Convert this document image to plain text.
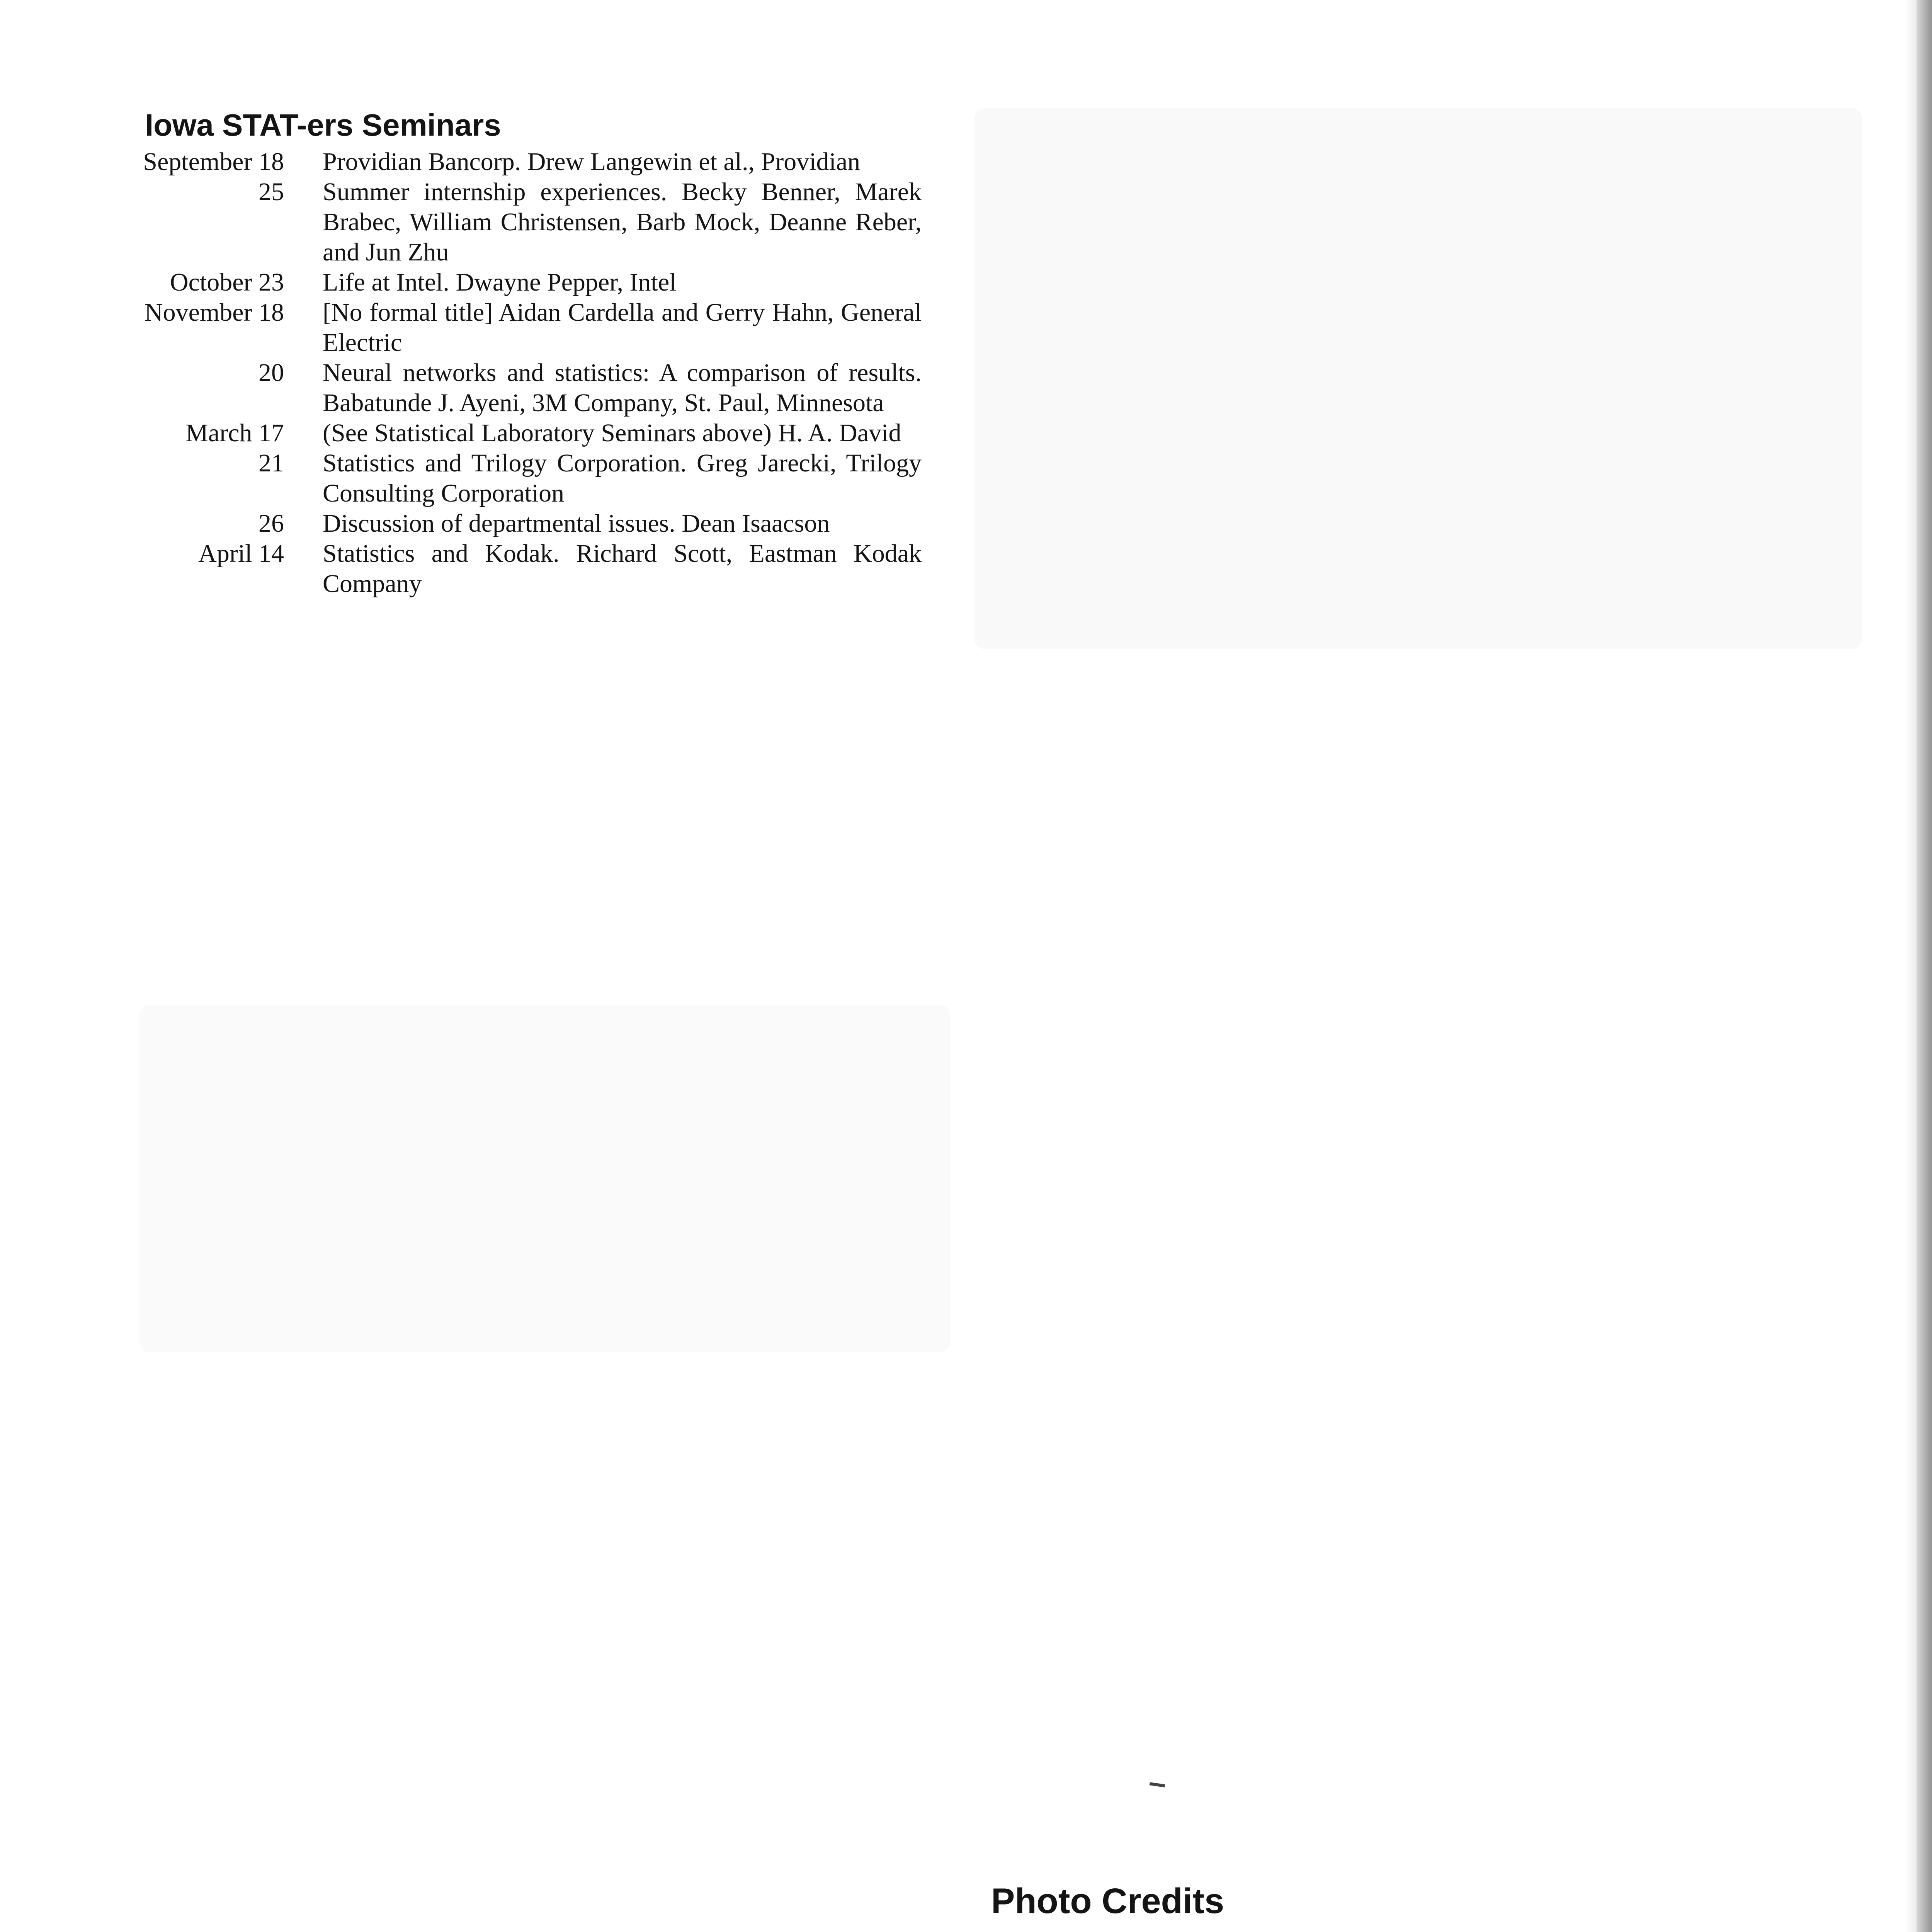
Iowa STAT-ers Seminars
September 18	Providian Bancorp. Drew Langewin et al., Providian
25	Summer internship experiences. Becky Benner, Marek Brabec, William Christensen, Barb Mock, Deanne Reber, and Jun Zhu
October 23	Life at Intel. Dwayne Pepper, Intel
November 18	[No formal title] Aidan Cardella and Gerry Hahn, General Electric
20	Neural networks and statistics: A comparison of results. Babatunde J. Ayeni, 3M Company, St. Paul, Minnesota
March 17	(See Statistical Laboratory Seminars above) H. A. David
21	Statistics and Trilogy Corporation. Greg Jarecki, Trilogy Consulting Corporation
26	Discussion of departmental issues. Dean Isaacson
April 14	Statistics and Kodak. Richard Scott, Eastman Kodak Company
Photo Credits
